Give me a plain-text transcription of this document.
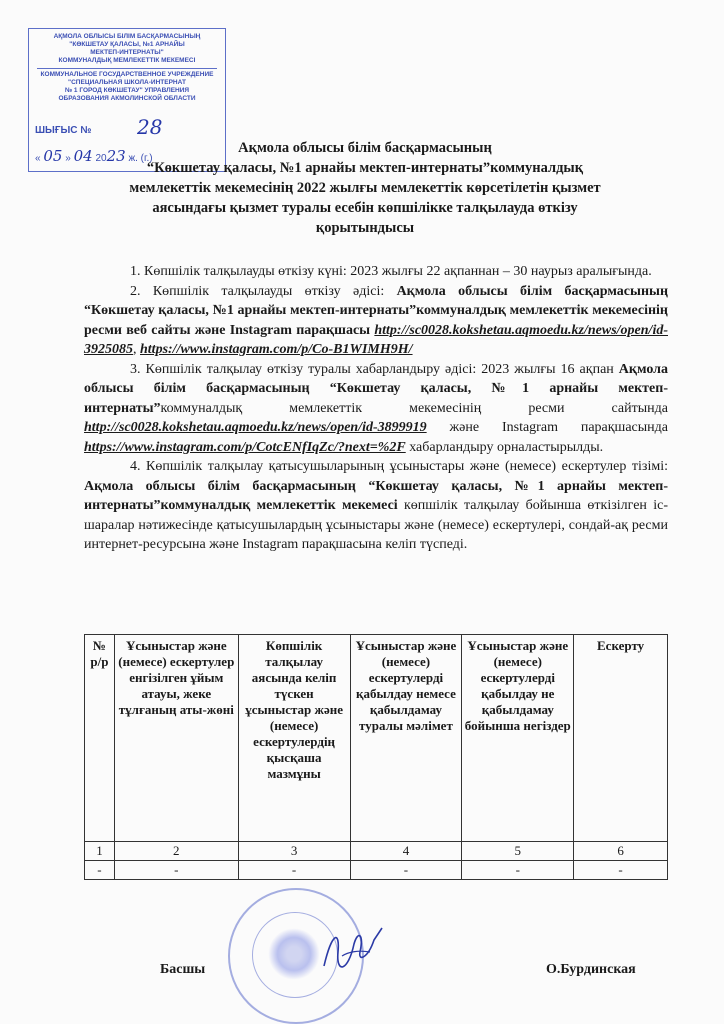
АҚМОЛА ОБЛЫСЫ БІЛІМ БАСҚАРМАСЫНЫҢ
"КӨКШЕТАУ ҚАЛАСЫ, №1 АРНАЙЫ
МЕКТЕП-ИНТЕРНАТЫ"
КОММУНАЛДЫҚ МЕМЛЕКЕТТІК МЕКЕМЕСІ
КОММУНАЛЬНОЕ ГОСУДАРСТВЕННОЕ УЧРЕЖДЕНИЕ
"СПЕЦИАЛЬНАЯ ШКОЛА-ИНТЕРНАТ
№ 1 ГОРОД КӨКШЕТАУ" УПРАВЛЕНИЯ
ОБРАЗОВАНИЯ АКМОЛИНСКОЙ ОБЛАСТИ
ШЫҒЫС № 28
« 05 » 04 2023 ж. (г.)
Ақмола облысы білім басқармасының
“Көкшетау қаласы, №1 арнайы мектеп-интернаты”коммуналдық
мемлекеттік мекемесінің 2022 жылғы мемлекеттік көрсетілетін қызмет
аясындағы қызмет туралы есебін көпшілікке талқылауда өткізу
қорытындысы

1. Көпшілік талқылауды өткізу күні: 2023 жылғы 22 ақпаннан – 30 наурыз аралығында.

2. Көпшілік талқылауды өткізу әдісі: Ақмола облысы білім басқармасының “Көкшетау қаласы, №1 арнайы мектеп-интернаты”коммуналдық мемлекеттік мекемесінің ресми веб сайты және Instagram парақшасы http://sc0028.kokshetau.aqmoedu.kz/news/open/id-3925085, https://www.instagram.com/p/Co-B1WIMH9H/

3. Көпшілік талқылау өткізу туралы хабарландыру әдісі: 2023 жылғы 16 ақпан Ақмола облысы білім басқармасының “Көкшетау қаласы, №1 арнайы мектеп-интернаты”коммуналдық мемлекеттік мекемесінің ресми сайтында http://sc0028.kokshetau.aqmoedu.kz/news/open/id-3899919 және Instagram парақшасында https://www.instagram.com/p/CotcENfIqZc/?next=%2F хабарландыру орналастырылды.

4. Көпшілік талқылау қатысушыларының ұсыныстары және (немесе) ескертулер тізімі: Ақмола облысы білім басқармасының “Көкшетау қаласы, №1 арнайы мектеп-интернаты”коммуналдық мемлекеттік мекемесі көпшілік талқылау бойынша өткізілген іс-шаралар нәтижесінде қатысушылардың ұсыныстары және (немесе) ескертулері, сондай-ақ ресми интернет-ресурсына және Instagram парақшасына келіп түспеді.

№ р/р	Ұсыныстар және (немесе) ескертулер енгізілген ұйым атауы, жеке тұлғаның аты-жөні	Көпшілік талқылау аясында келіп түскен ұсыныстар және (немесе) ескертулердің қысқаша мазмұны	Ұсыныстар және (немесе) ескертулерді қабылдау немесе қабылдамау туралы мәлімет	Ұсыныстар және (немесе) ескертулерді қабылдау не қабылдамау бойынша негіздер	Ескерту
1	2	3	4	5	6
-	-	-	-	-	-
Басшы	О.Бурдинская
